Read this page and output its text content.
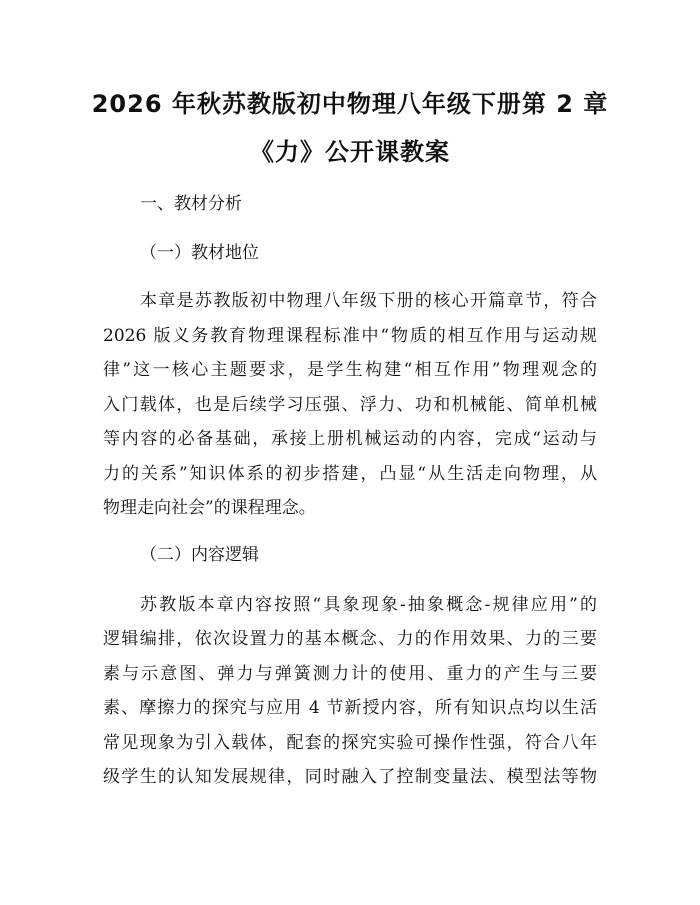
2026 年秋苏教版初中物理八年级下册第 2 章
《力》公开课教案
一、教材分析
（一）教材地位
本章是苏教版初中物理八年级下册的核心开篇章节，符合
2026 版义务教育物理课程标准中“物质的相互作用与运动规
律”这一核心主题要求，是学生构建“相互作用”物理观念的
入门载体，也是后续学习压强、浮力、功和机械能、简单机械
等内容的必备基础，承接上册机械运动的内容，完成“运动与
力的关系”知识体系的初步搭建，凸显“从生活走向物理，从
物理走向社会”的课程理念。
（二）内容逻辑
苏教版本章内容按照“具象现象-抽象概念-规律应用”的
逻辑编排，依次设置力的基本概念、力的作用效果、力的三要
素与示意图、弹力与弹簧测力计的使用、重力的产生与三要
素、摩擦力的探究与应用 4 节新授内容，所有知识点均以生活
常见现象为引入载体，配套的探究实验可操作性强，符合八年
级学生的认知发展规律，同时融入了控制变量法、模型法等物
